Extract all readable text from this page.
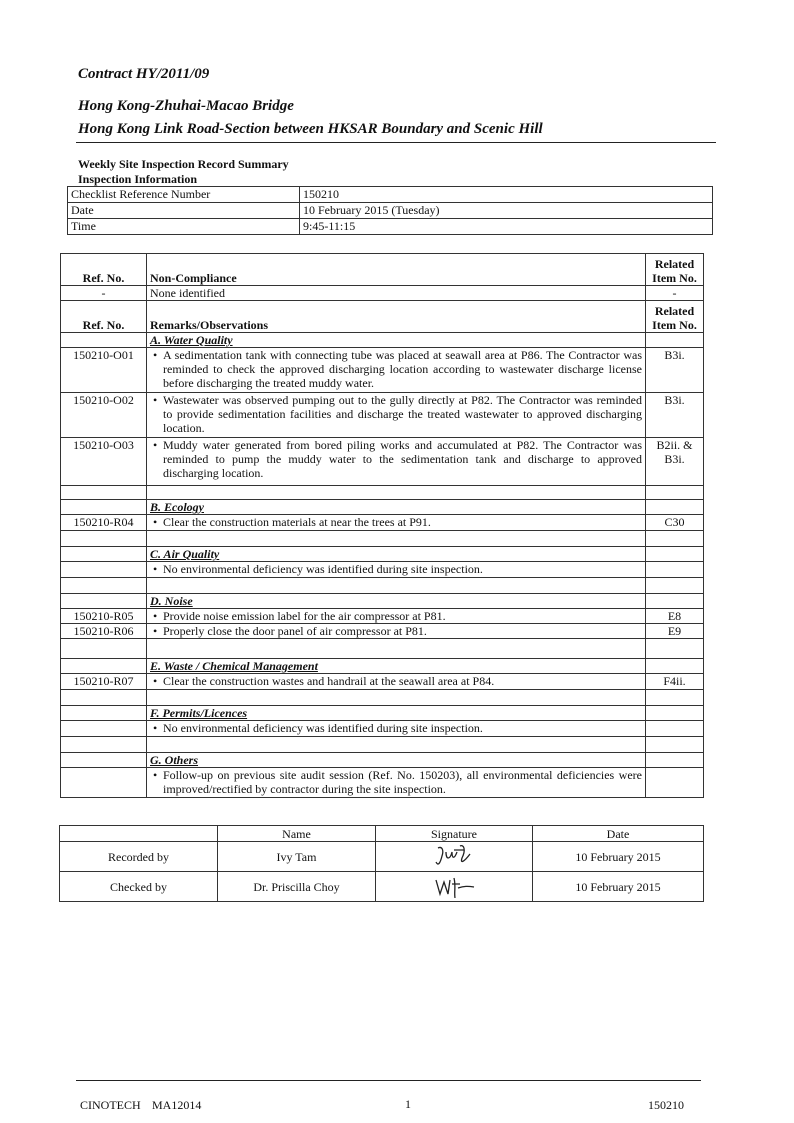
Contract HY/2011/09
Hong Kong-Zhuhai-Macao Bridge
Hong Kong Link Road-Section between HKSAR Boundary and Scenic Hill
Weekly Site Inspection Record Summary
Inspection Information
Checklist Reference Number	150210
Date	10 February 2015 (Tuesday)
Time	9:45-11:15
Ref. No.	Non-Compliance	Related Item No.
-	None identified	-
Ref. No.	Remarks/Observations	Related Item No.
	A. Water Quality	
150210-O01	• A sedimentation tank with connecting tube was placed at seawall area at P86. The Contractor was reminded to check the approved discharging location according to wastewater discharge license before discharging the treated muddy water.	B3i.
150210-O02	• Wastewater was observed pumping out to the gully directly at P82. The Contractor was reminded to provide sedimentation facilities and discharge the treated wastewater to approved discharging location.	B3i.
150210-O03	• Muddy water generated from bored piling works and accumulated at P82. The Contractor was reminded to pump the muddy water to the sedimentation tank and discharge to approved discharging location.	B2ii. & B3i.

	B. Ecology	
150210-R04	• Clear the construction materials at near the trees at P91.	C30

	C. Air Quality	

	• No environmental deficiency was identified during site inspection.

	D. Noise	
150210-R05	• Provide noise emission label for the air compressor at P81.	E8
150210-R06	• Properly close the door panel of air compressor at P81.	E9

	E. Waste / Chemical Management	
150210-R07	• Clear the construction wastes and handrail at the seawall area at P84.	F4ii.

	F. Permits/Licences	

	• No environmental deficiency was identified during site inspection.

	G. Others	

	• Follow-up on previous site audit session (Ref. No. 150203), all environmental deficiencies were improved/rectified by contractor during the site inspection.

	Name	Signature	Date
Recorded by	Ivy Tam		10 February 2015
Checked by	Dr. Priscilla Choy		10 February 2015
CINOTECH MA12014	1	150210
